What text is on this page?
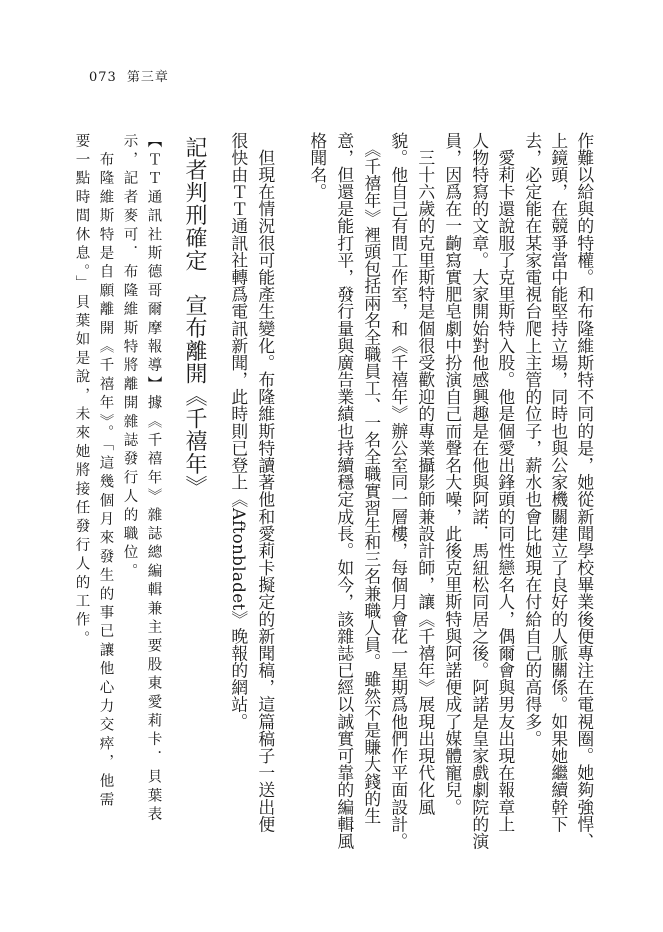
073 第三章
作難以給與的特權。和布隆維斯特不同的是，她從新聞學校畢業後便專注在電視圈。她夠強悍、
上鏡頭，在競爭當中能堅持立場，同時也與公家機關建立了良好的人脈關係。如果她繼續幹下
去，必定能在某家電視台爬上主管的位子，薪水也會比她現在付給自己的高得多。
　愛莉卡還說服了克里斯特入股。他是個愛出鋒頭的同性戀名人，偶爾會與男友出現在報章上
人物特寫的文章。大家開始對他感興趣是在他與阿諾．馬紐松同居之後。阿諾是皇家戲劇院的演
員，因爲在一齣寫實肥皂劇中扮演自己而聲名大噪，此後克里斯特與阿諾便成了媒體寵兒。
　三十六歲的克里斯特是個很受歡迎的專業攝影師兼設計師，讓《千禧年》展現出現代化風
貌。他自己有間工作室，和《千禧年》辦公室同一層樓，每個月會花一星期爲他們作平面設計。
　《千禧年》裡頭包括兩名全職員工、一名全職實習生和三名兼職人員。雖然不是賺大錢的生
意，但還是能打平，發行量與廣告業績也持續穩定成長。如今，該雜誌已經以誠實可靠的編輯風
格聞名。
　但現在情況很可能產生變化。布隆維斯特讀著他和愛莉卡擬定的新聞稿，這篇稿子一送出便
很快由ＴＴ通訊社轉爲電訊新聞，此時則已登上《Aftonbladet》晚報的網站。
記者判刑確定　宣布離開《千禧年》
【ＴＴ通訊社斯德哥爾摩報導】據《千禧年》雜誌總編輯兼主要股東愛莉卡．貝葉表
示，記者麥可．布隆維斯特將離開雜誌發行人的職位。
　布隆維斯特是自願離開《千禧年》。「這幾個月來發生的事已讓他心力交瘁，他需
要一點時間休息。」貝葉如是說，未來她將接任發行人的工作。
